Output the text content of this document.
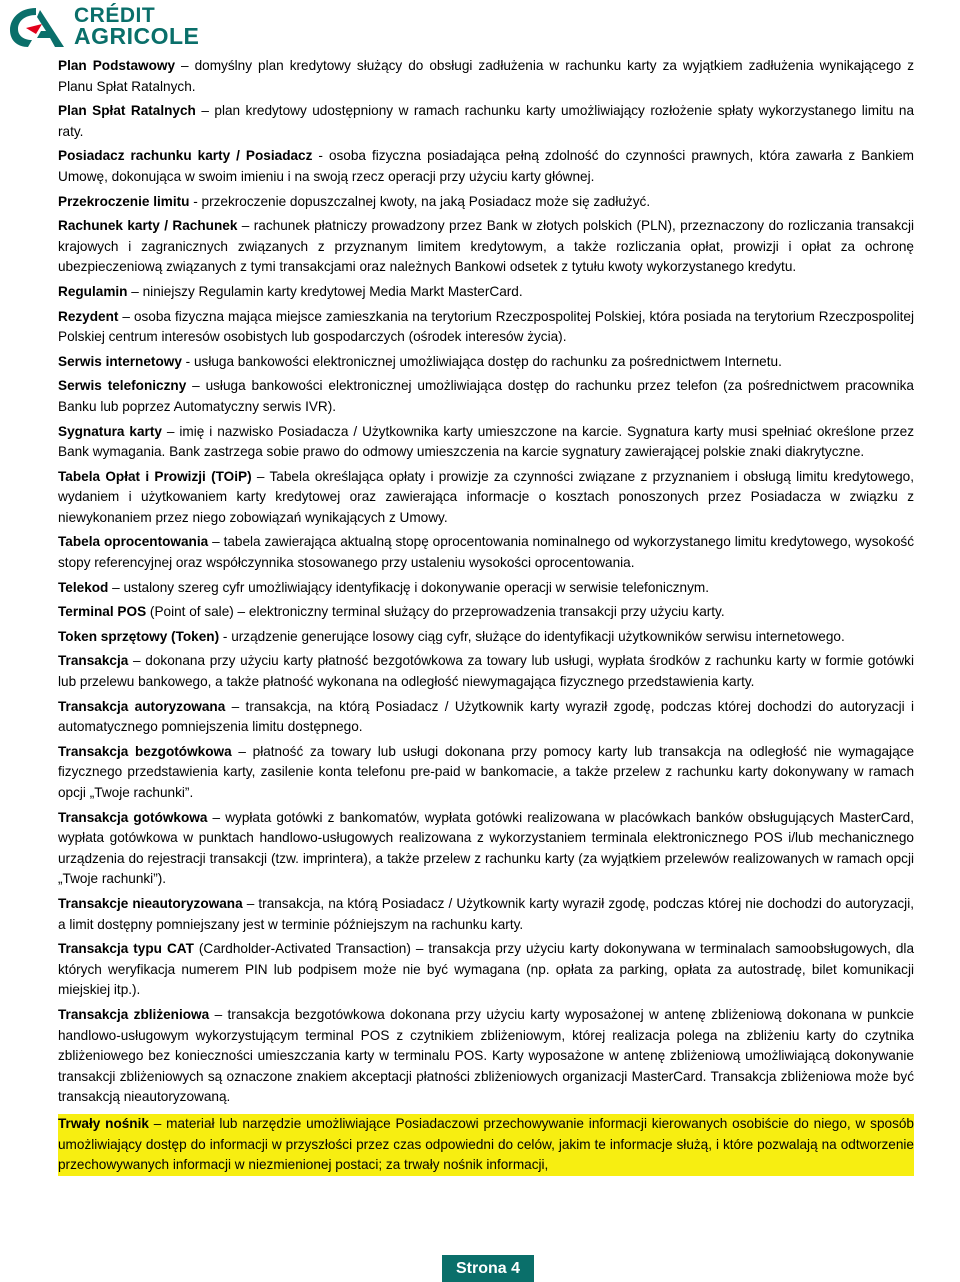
CRÉDIT
AGRICOLE

Plan Podstawowy – domyślny plan kredytowy służący do obsługi zadłużenia w rachunku karty za wyjątkiem zadłużenia wynikającego z Planu Spłat Ratalnych.

Plan Spłat Ratalnych – plan kredytowy udostępniony w ramach rachunku karty umożliwiający rozłożenie spłaty wykorzystanego limitu na raty.

Posiadacz rachunku karty / Posiadacz - osoba fizyczna posiadająca pełną zdolność do czynności prawnych, która zawarła z Bankiem Umowę, dokonująca w swoim imieniu i na swoją rzecz operacji przy użyciu karty głównej.

Przekroczenie limitu - przekroczenie dopuszczalnej kwoty, na jaką Posiadacz może się zadłużyć.

Rachunek karty / Rachunek – rachunek płatniczy prowadzony przez Bank w złotych polskich (PLN), przeznaczony do rozliczania transakcji krajowych i zagranicznych związanych z przyznanym limitem kredytowym, a także rozliczania opłat, prowizji i opłat za ochronę ubezpieczeniową związanych z tymi transakcjami oraz należnych Bankowi odsetek z tytułu kwoty wykorzystanego kredytu.

Regulamin – niniejszy Regulamin karty kredytowej Media Markt MasterCard.

Rezydent – osoba fizyczna mająca miejsce zamieszkania na terytorium Rzeczpospolitej Polskiej, która posiada na terytorium Rzeczpospolitej Polskiej centrum interesów osobistych lub gospodarczych (ośrodek interesów życia).

Serwis internetowy - usługa bankowości elektronicznej umożliwiająca dostęp do rachunku za pośrednictwem Internetu.

Serwis telefoniczny – usługa bankowości elektronicznej umożliwiająca dostęp do rachunku przez telefon (za pośrednictwem pracownika Banku lub poprzez Automatyczny serwis IVR).

Sygnatura karty – imię i nazwisko Posiadacza / Użytkownika karty umieszczone na karcie. Sygnatura karty musi spełniać określone przez Bank wymagania. Bank zastrzega sobie prawo do odmowy umieszczenia na karcie sygnatury zawierającej polskie znaki diakrytyczne.

Tabela Opłat i Prowizji (TOiP) – Tabela określająca opłaty i prowizje za czynności związane z przyznaniem i obsługą limitu kredytowego, wydaniem i użytkowaniem karty kredytowej oraz zawierająca informacje o kosztach ponoszonych przez Posiadacza w związku z niewykonaniem przez niego zobowiązań wynikających z Umowy.

Tabela oprocentowania – tabela zawierająca aktualną stopę oprocentowania nominalnego od wykorzystanego limitu kredytowego, wysokość stopy referencyjnej oraz współczynnika stosowanego przy ustaleniu wysokości oprocentowania.

Telekod – ustalony szereg cyfr umożliwiający identyfikację i dokonywanie operacji w serwisie telefonicznym.

Terminal POS (Point of sale) – elektroniczny terminal służący do przeprowadzenia transakcji przy użyciu karty.

Token sprzętowy (Token) - urządzenie generujące losowy ciąg cyfr, służące do identyfikacji użytkowników serwisu internetowego.

Transakcja – dokonana przy użyciu karty płatność bezgotówkowa za towary lub usługi, wypłata środków z rachunku karty w formie gotówki lub przelewu bankowego, a także płatność wykonana na odległość niewymagająca fizycznego przedstawienia karty.

Transakcja autoryzowana – transakcja, na którą Posiadacz / Użytkownik karty wyraził zgodę, podczas której dochodzi do autoryzacji i automatycznego pomniejszenia limitu dostępnego.

Transakcja bezgotówkowa – płatność za towary lub usługi dokonana przy pomocy karty lub transakcja na odległość nie wymagające fizycznego przedstawienia karty, zasilenie konta telefonu pre-paid w bankomacie, a także przelew z rachunku karty dokonywany w ramach opcji „Twoje rachunki”.

Transakcja gotówkowa – wypłata gotówki z bankomatów, wypłata gotówki realizowana w placówkach banków obsługujących MasterCard, wypłata gotówkowa w punktach handlowo-usługowych realizowana z wykorzystaniem terminala elektronicznego POS i/lub mechanicznego urządzenia do rejestracji transakcji (tzw. imprintera), a także przelew z rachunku karty (za wyjątkiem przelewów realizowanych w ramach opcji „Twoje rachunki”).

Transakcje nieautoryzowana – transakcja, na którą Posiadacz / Użytkownik karty wyraził zgodę, podczas której nie dochodzi do autoryzacji, a limit dostępny pomniejszany jest w terminie późniejszym na rachunku karty.

Transakcja typu CAT (Cardholder-Activated Transaction) – transakcja przy użyciu karty dokonywana w terminalach samoobsługowych, dla których weryfikacja numerem PIN lub podpisem może nie być wymagana (np. opłata za parking, opłata za autostradę, bilet komunikacji miejskiej itp.).

Transakcja zbliżeniowa – transakcja bezgotówkowa dokonana przy użyciu karty wyposażonej w antenę zbliżeniową dokonana w punkcie handlowo-usługowym wykorzystującym terminal POS z czytnikiem zbliżeniowym, której realizacja polega na zbliżeniu karty do czytnika zbliżeniowego bez konieczności umieszczania karty w terminalu POS. Karty wyposażone w antenę zbliżeniową umożliwiającą dokonywanie transakcji zbliżeniowych są oznaczone znakiem akceptacji płatności zbliżeniowych organizacji MasterCard. Transakcja zbliżeniowa może być transakcją nieautoryzowaną.

Trwały nośnik – materiał lub narzędzie umożliwiające Posiadaczowi przechowywanie informacji kierowanych osobiście do niego, w sposób umożliwiający dostęp do informacji w przyszłości przez czas odpowiedni do celów, jakim te informacje służą, i które pozwalają na odtworzenie przechowywanych informacji w niezmienionej postaci; za trwały nośnik informacji,

Strona 4
